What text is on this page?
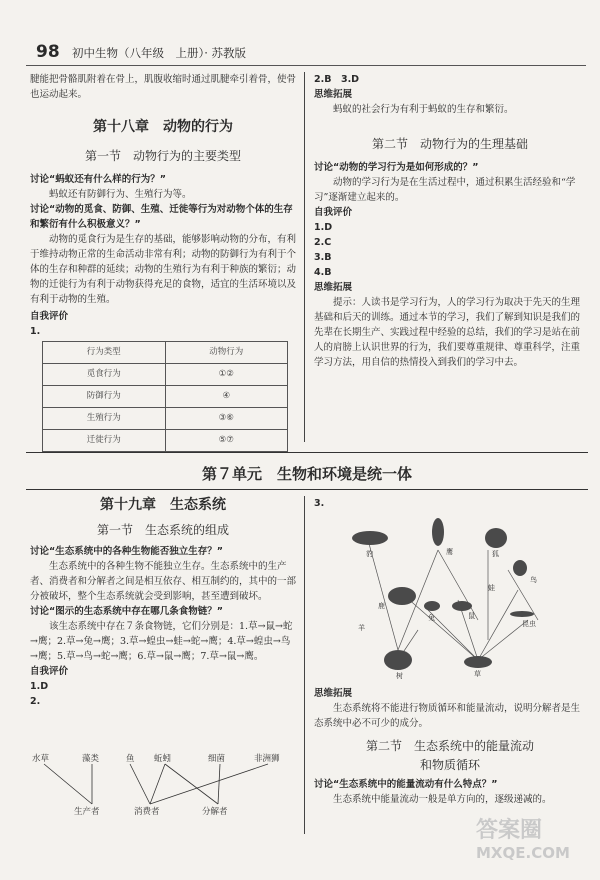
98 初中生物（八年级　上册）· 苏教版

腱能把骨骼肌附着在骨上，肌腹收缩时通过肌腱牵引着骨，使骨也运动起来。

第十八章　动物的行为
第一节　动物行为的主要类型

讨论“蚂蚁还有什么样的行为？”

蚂蚁还有防御行为、生殖行为等。

讨论“动物的觅食、防御、生殖、迁徙等行为对动物个体的生存和繁衍有什么积极意义？”

动物的觅食行为是生存的基础，能够影响动物的分布，有利于维持动物正常的生命活动非常有利；动物的防御行为有利于个体的生存和种群的延续；动物的生殖行为有利于种族的繁衍；动物的迁徙行为有利于动物获得充足的食物，适宜的生活环境以及有利于动物的生殖。

自我评价

1.

行为类型	动物行为
觅食行为	①②
防御行为	④
生殖行为	③⑥
迁徙行为	⑤⑦

2.B　3.D

思维拓展

蚂蚁的社会行为有利于蚂蚁的生存和繁衍。

第二节　动物行为的生理基础

讨论“动物的学习行为是如何形成的？”

动物的学习行为是在生活过程中，通过积累生活经验和“学习”逐渐建立起来的。

自我评价

1.D

2.C

3.B

4.B

思维拓展

提示：人读书是学习行为，人的学习行为取决于先天的生理基础和后天的训练。通过本节的学习，我们了解到知识是我们的先辈在长期生产、实践过程中经验的总结，我们的学习是站在前人的肩膀上认识世界的行为，我们要尊重规律、尊重科学，注重学习方法，用自信的热情投入到我们的学习中去。

第７单元　生物和环境是统一体
第十九章　生态系统
第一节　生态系统的组成

讨论“生态系统中的各种生物能否独立生存？”

生态系统中的各种生物不能独立生存。生态系统中的生产者、消费者和分解者之间是相互依存、相互制约的，其中的一部分被破坏，整个生态系统就会受到影响，甚至遭到破坏。

讨论“图示的生态系统中存在哪几条食物链？”

该生态系统中存在７条食物链，它们分别是：1.草→鼠→蛇→鹰；2.草→兔→鹰；3.草→蝗虫→蛙→蛇→鹰；4.草→蝗虫→鸟→鹰；5.草→鸟→蛇→鹰；6.草→鼠→鹰；7.草→鼠→鹰。

自我评价

1.D

2.

水草	藻类	鱼 蚯蚓	细菌	非洲狮
生产者	消费者	分解者

3.

豹	鹰	狐
兔
鹿
鼠
蛙
鸟
昆虫
草
树
羊

思维拓展

生态系统将不能进行物质循环和能量流动，说明分解者是生态系统中必不可少的成分。

第二节　生态系统中的能量流动
和物质循环

讨论“生态系统中的能量流动有什么特点？”

生态系统中能量流动一般是单方向的，逐级递减的。

答案圈
MXQE.COM
